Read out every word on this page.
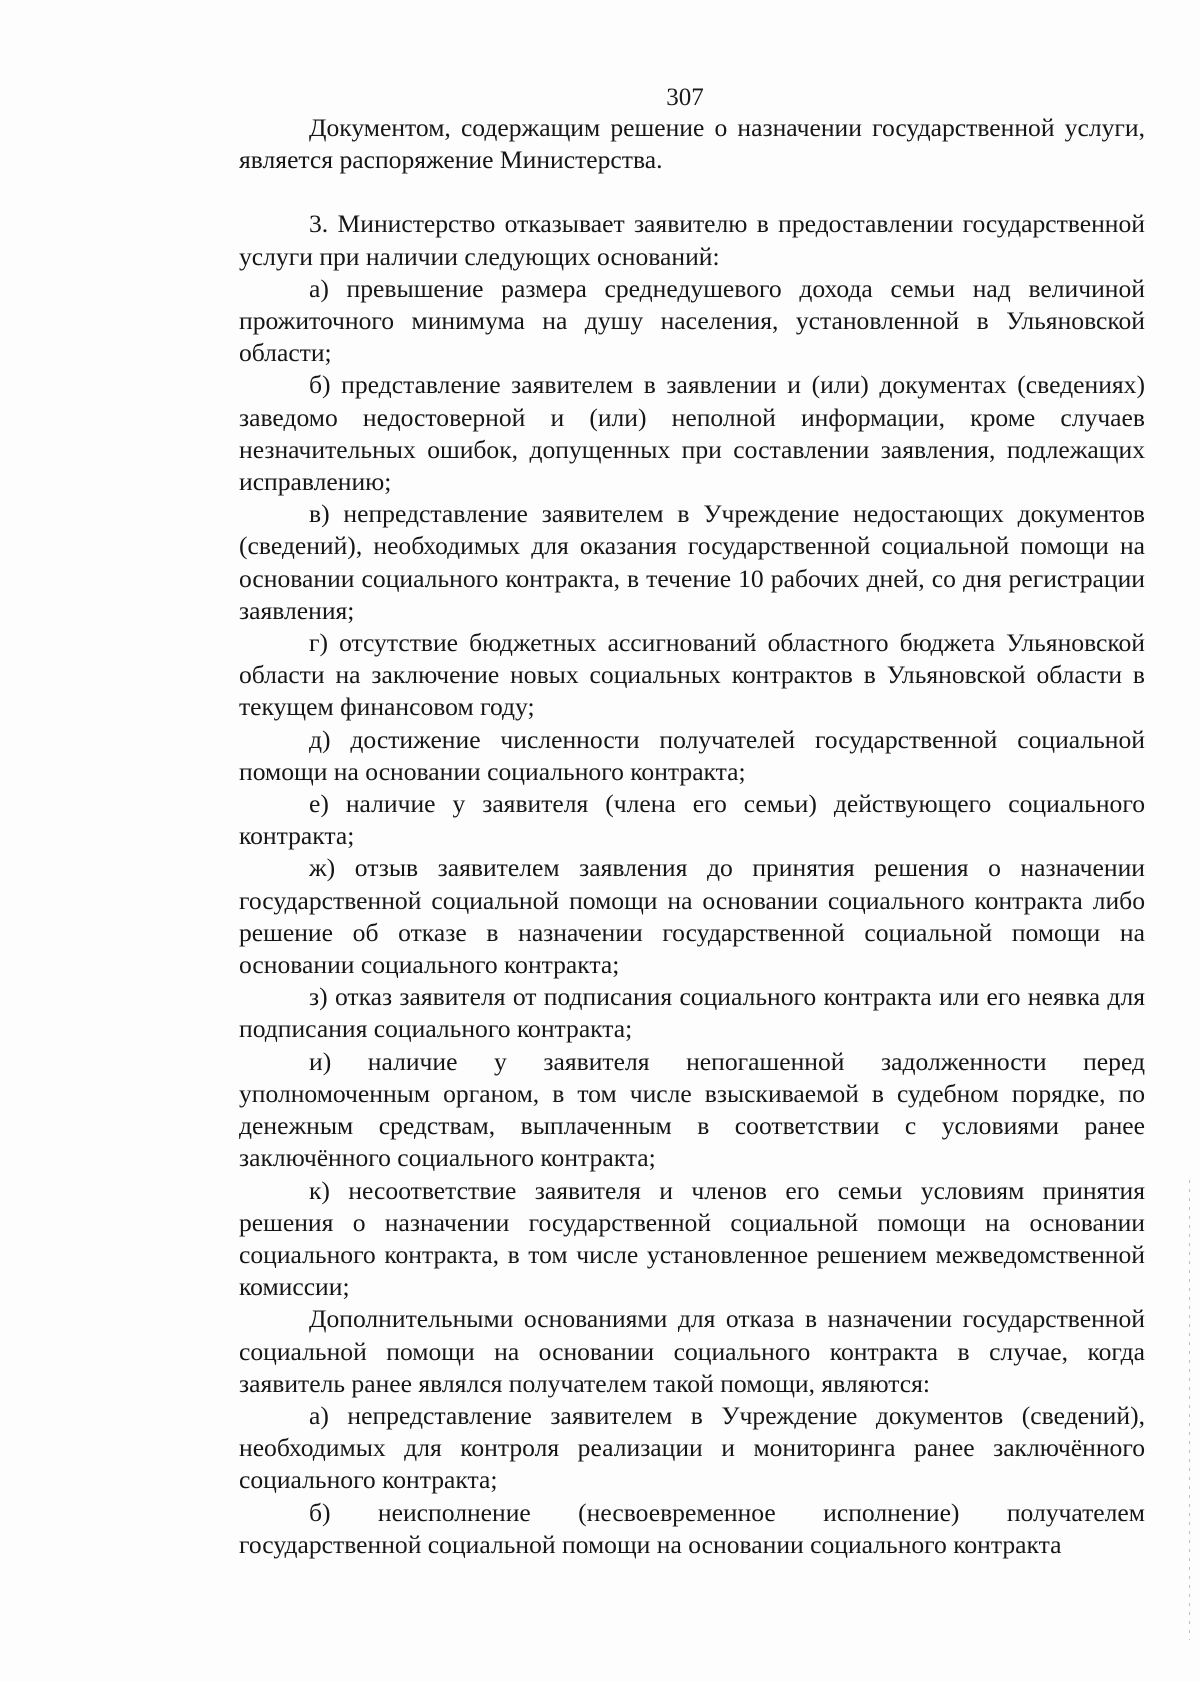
307

Документом, содержащим решение о назначении государственной услуги, является распоряжение Министерства.

3. Министерство отказывает заявителю в предоставлении государственной услуги при наличии следующих оснований:

а) превышение размера среднедушевого дохода семьи над величиной прожиточного минимума на душу населения, установленной в Ульяновской области;

б) представление заявителем в заявлении и (или) документах (сведениях) заведомо недостоверной и (или) неполной информации, кроме случаев незначительных ошибок, допущенных при составлении заявления, подлежащих исправлению;

в) непредставление заявителем в Учреждение недостающих документов (сведений), необходимых для оказания государственной социальной помощи на основании социального контракта, в течение 10 рабочих дней, со дня регистрации заявления;

г) отсутствие бюджетных ассигнований областного бюджета Ульяновской области на заключение новых социальных контрактов в Ульяновской области в текущем финансовом году;

д) достижение численности получателей государственной социальной помощи на основании социального контракта;

е) наличие у заявителя (члена его семьи) действующего социального контракта;

ж) отзыв заявителем заявления до принятия решения о назначении государственной социальной помощи на основании социального контракта либо решение об отказе в назначении государственной социальной помощи на основании социального контракта;

з) отказ заявителя от подписания социального контракта или его неявка для подписания социального контракта;

и) наличие у заявителя непогашенной задолженности перед уполномоченным органом, в том числе взыскиваемой в судебном порядке, по денежным средствам, выплаченным в соответствии с условиями ранее заключённого социального контракта;

к) несоответствие заявителя и членов его семьи условиям принятия решения о назначении государственной социальной помощи на основании социального контракта, в том числе установленное решением межведомственной комиссии;

Дополнительными основаниями для отказа в назначении государственной социальной помощи на основании социального контракта в случае, когда заявитель ранее являлся получателем такой помощи, являются:

а) непредставление заявителем в Учреждение документов (сведений), необходимых для контроля реализации и мониторинга ранее заключённого социального контракта;

б) неисполнение (несвоевременное исполнение) получателем государственной социальной помощи на основании социального контракта
